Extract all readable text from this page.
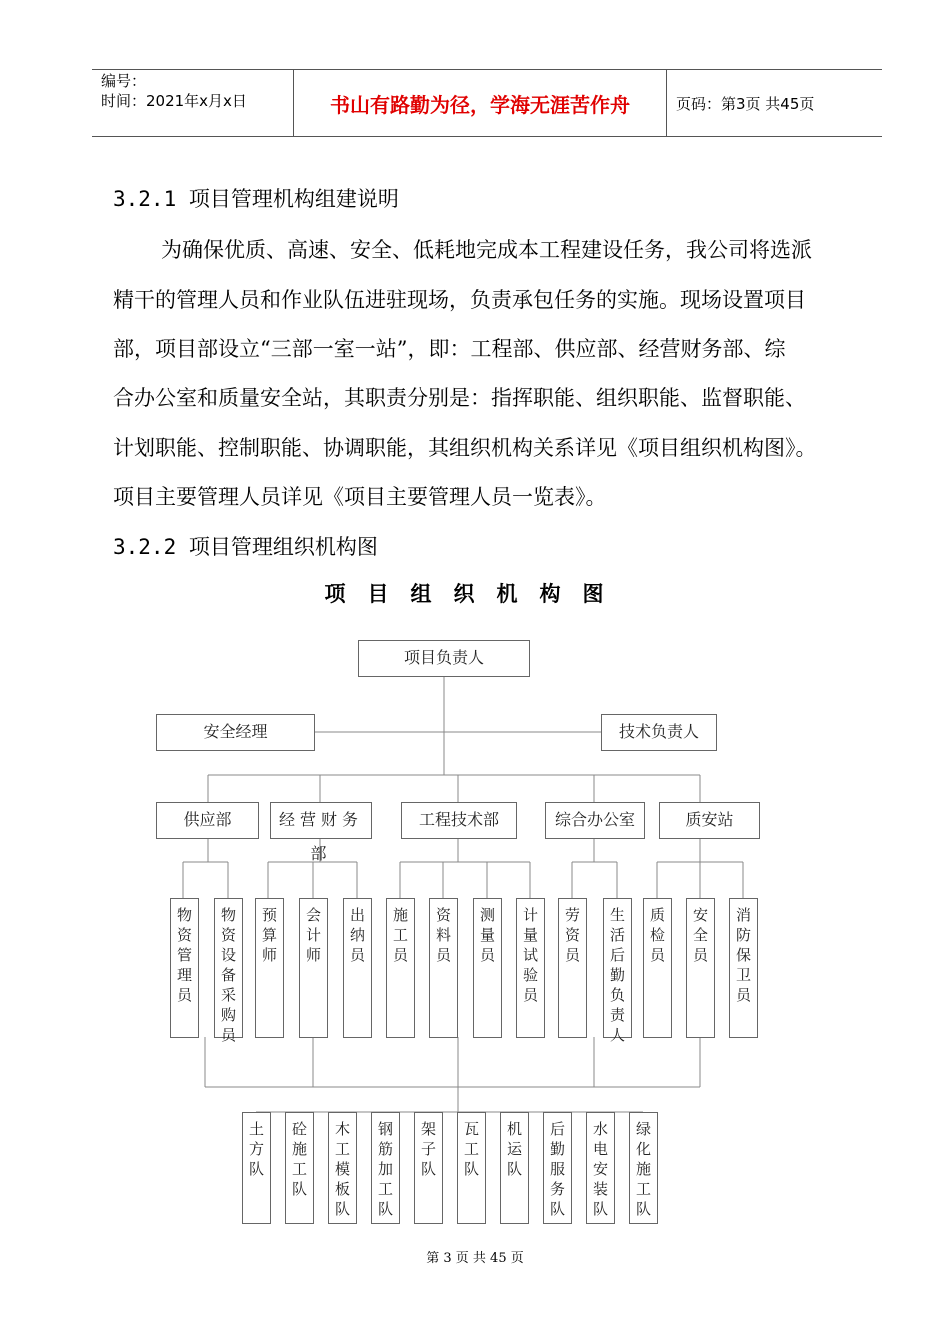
编号：
时间：2021年x月x日	书山有路勤为径，学海无涯苦作舟	页码：第3页 共45页
3.2.1 项目管理机构组建说明
为确保优质、高速、安全、低耗地完成本工程建设任务，我公司将选派
精干的管理人员和作业队伍进驻现场，负责承包任务的实施。现场设置项目
部，项目部设立“三部一室一站”，即：工程部、供应部、经营财务部、综
合办公室和质量安全站，其职责分别是：指挥职能、组织职能、监督职能、
计划职能、控制职能、协调职能，其组织机构关系详见《项目组织机构图》。
项目主要管理人员详见《项目主要管理人员一览表》。
3.2.2 项目管理组织机构图
项目组织机构图
项目负责人
安全经理	技术负责人
供应部	经营财务部
工程技术部	综合办公室	质安站
物
资
管
理
员
物
资
设
备
采
购
员
预
算
师
会
计
师
出
纳
员
施
工
员
资
料
员
测
量
员
计
量
试
验
员
劳
资
员
生
活
后
勤
负
责
人
质
检
员
安
全
员
消
防
保
卫
员
土
方
队
砼
施
工
队
木
工
模
板
队
钢
筋
加
工
队
架
子
队
瓦
工
队
机
运
队
后
勤
服
务
队
水
电
安
装
队
绿
化
施
工
队
第 3 页 共 45 页
